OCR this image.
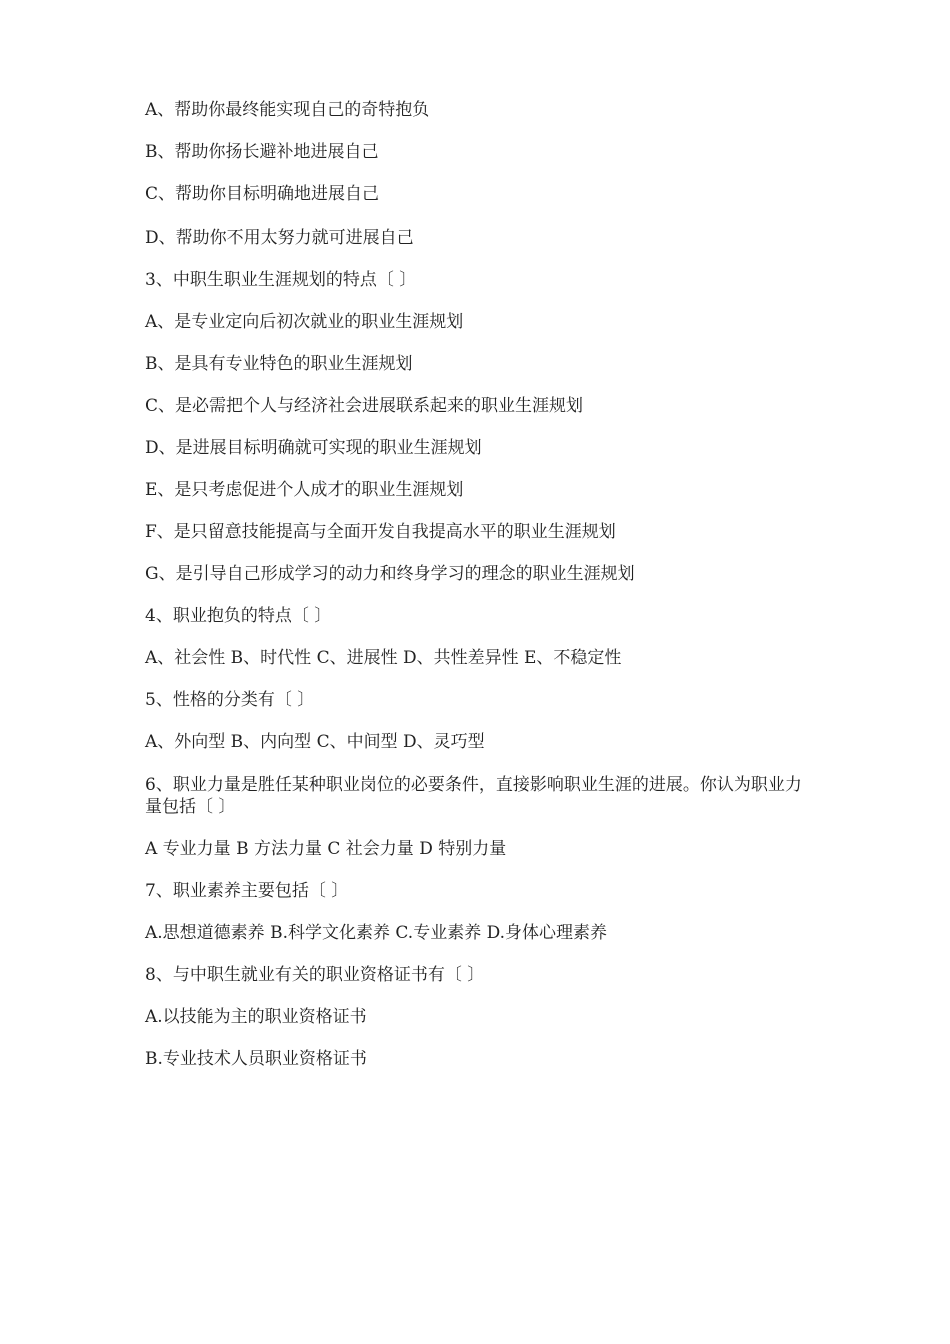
A、帮助你最终能实现自己的奇特抱负
B、帮助你扬长避补地进展自己
C、帮助你目标明确地进展自己
D、帮助你不用太努力就可进展自己
3、中职生职业生涯规划的特点〔 〕
A、是专业定向后初次就业的职业生涯规划
B、是具有专业特色的职业生涯规划
C、是必需把个人与经济社会进展联系起来的职业生涯规划
D、是进展目标明确就可实现的职业生涯规划
E、是只考虑促进个人成才的职业生涯规划
F、是只留意技能提高与全面开发自我提高水平的职业生涯规划
G、是引导自己形成学习的动力和终身学习的理念的职业生涯规划
4、职业抱负的特点〔 〕
A、社会性 B、时代性 C、进展性 D、共性差异性 E、不稳定性
5、性格的分类有〔 〕
A、外向型 B、内向型 C、中间型 D、灵巧型
6、职业力量是胜任某种职业岗位的必要条件，直接影响职业生涯的进展。你认为职业力量包括〔 〕
A 专业力量 B 方法力量 C 社会力量 D 特别力量
7、职业素养主要包括〔 〕
A.思想道德素养 B.科学文化素养 C.专业素养 D.身体心理素养
8、与中职生就业有关的职业资格证书有〔 〕
A.以技能为主的职业资格证书
B.专业技术人员职业资格证书
